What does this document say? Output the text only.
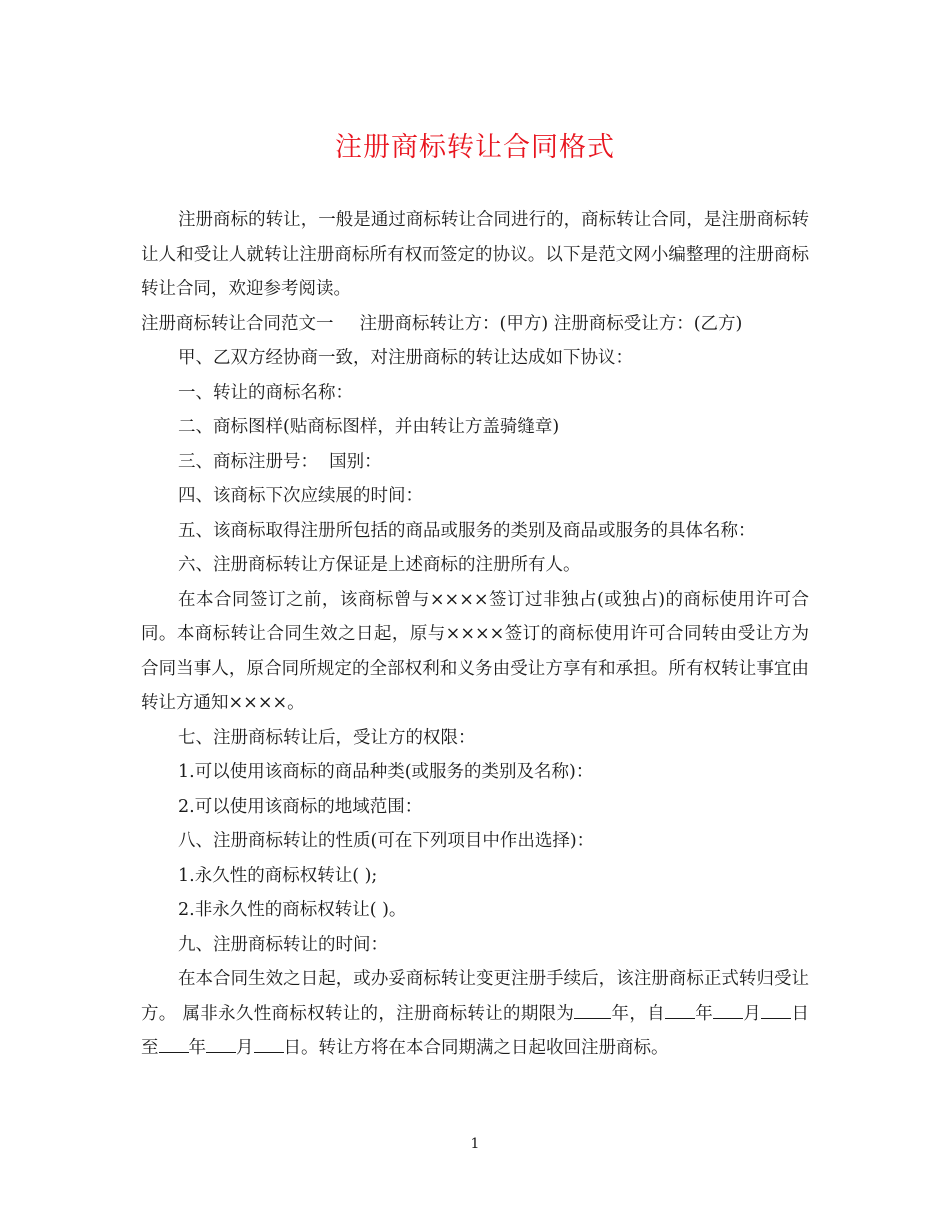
注册商标转让合同格式

注册商标的转让，一般是通过商标转让合同进行的，商标转让合同，是注册商标转让人和受让人就转让注册商标所有权而签定的协议。以下是范文网小编整理的注册商标转让合同，欢迎参考阅读。

注册商标转让合同范文一 注册商标转让方：(甲方) 注册商标受让方：(乙方)

甲、乙双方经协商一致，对注册商标的转让达成如下协议：

一、转让的商标名称：

二、商标图样(贴商标图样，并由转让方盖骑缝章)

三、商标注册号：  国别：

四、该商标下次应续展的时间：

五、该商标取得注册所包括的商品或服务的类别及商品或服务的具体名称：

六、注册商标转让方保证是上述商标的注册所有人。

在本合同签订之前，该商标曾与××××签订过非独占(或独占)的商标使用许可合同。本商标转让合同生效之日起，原与××××签订的商标使用许可合同转由受让方为合同当事人，原合同所规定的全部权利和义务由受让方享有和承担。所有权转让事宜由转让方通知××××。

七、注册商标转让后，受让方的权限：

1.可以使用该商标的商品种类(或服务的类别及名称)：

2.可以使用该商标的地域范围：

八、注册商标转让的性质(可在下列项目中作出选择)：

1.永久性的商标权转让( );

2.非永久性的商标权转让( )。

九、注册商标转让的时间：

在本合同生效之日起，或办妥商标转让变更注册手续后，该注册商标正式转归受让方。 属非永久性商标权转让的，注册商标转让的期限为 年，自 年 月 日至 年 月 日。转让方将在本合同期满之日起收回注册商标。

1
